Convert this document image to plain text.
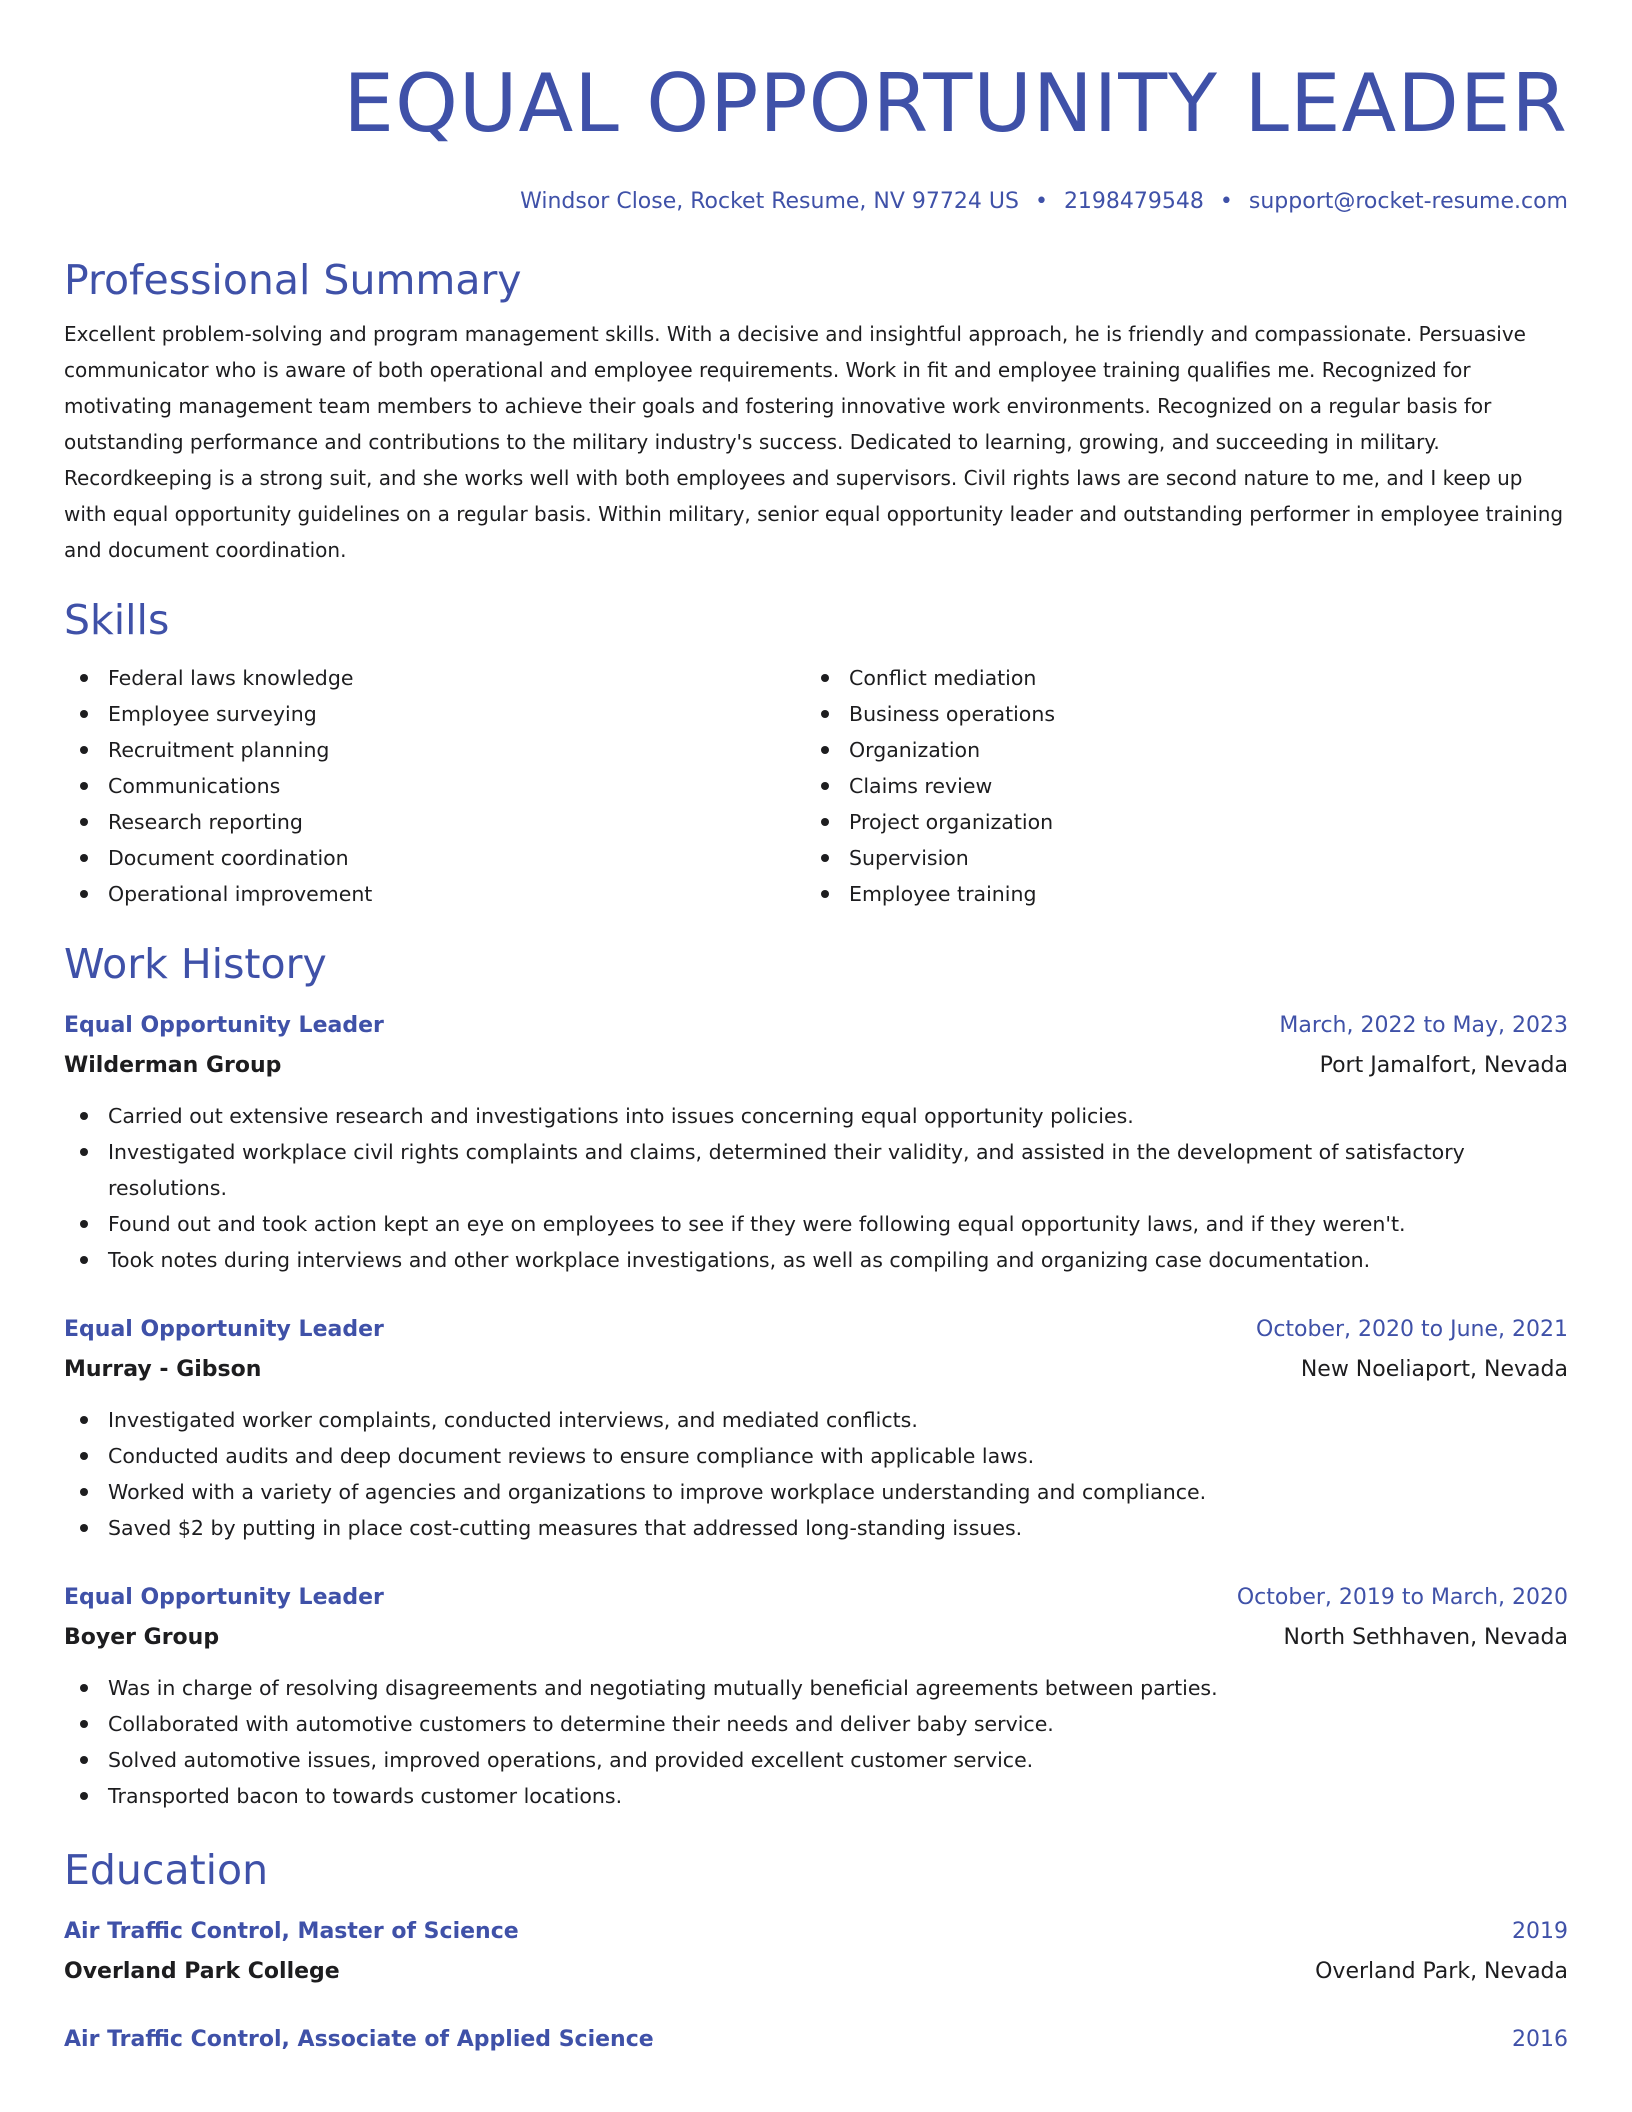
EQUAL OPPORTUNITY LEADER
Windsor Close, Rocket Resume, NV 97724 US • 2198479548 • support@rocket-resume.com
Professional Summary

Excellent problem-solving and program management skills. With a decisive and insightful approach, he is friendly and compassionate. Persuasive communicator who is aware of both operational and employee requirements. Work in fit and employee training qualifies me. Recognized for motivating management team members to achieve their goals and fostering innovative work environments. Recognized on a regular basis for outstanding performance and contributions to the military industry's success. Dedicated to learning, growing, and succeeding in military. Recordkeeping is a strong suit, and she works well with both employees and supervisors. Civil rights laws are second nature to me, and I keep up with equal opportunity guidelines on a regular basis. Within military, senior equal opportunity leader and outstanding performer in employee training and document coordination.

Skills
Federal laws knowledge
Employee surveying
Recruitment planning
Communications
Research reporting
Document coordination
Operational improvement
Conflict mediation
Business operations
Organization
Claims review
Project organization
Supervision
Employee training
Work History
Equal Opportunity Leader	March, 2022 to May, 2023
Wilderman Group	Port Jamalfort, Nevada
Carried out extensive research and investigations into issues concerning equal opportunity policies.
Investigated workplace civil rights complaints and claims, determined their validity, and assisted in the development of satisfactory resolutions.
Found out and took action kept an eye on employees to see if they were following equal opportunity laws, and if they weren't.
Took notes during interviews and other workplace investigations, as well as compiling and organizing case documentation.
Equal Opportunity Leader	October, 2020 to June, 2021
Murray - Gibson	New Noeliaport, Nevada
Investigated worker complaints, conducted interviews, and mediated conflicts.
Conducted audits and deep document reviews to ensure compliance with applicable laws.
Worked with a variety of agencies and organizations to improve workplace understanding and compliance.
Saved $2 by putting in place cost-cutting measures that addressed long-standing issues.
Equal Opportunity Leader	October, 2019 to March, 2020
Boyer Group	North Sethhaven, Nevada
Was in charge of resolving disagreements and negotiating mutually beneficial agreements between parties.
Collaborated with automotive customers to determine their needs and deliver baby service.
Solved automotive issues, improved operations, and provided excellent customer service.
Transported bacon to towards customer locations.
Education
Air Traffic Control, Master of Science	2019
Overland Park College	Overland Park, Nevada
Air Traffic Control, Associate of Applied Science	2016
